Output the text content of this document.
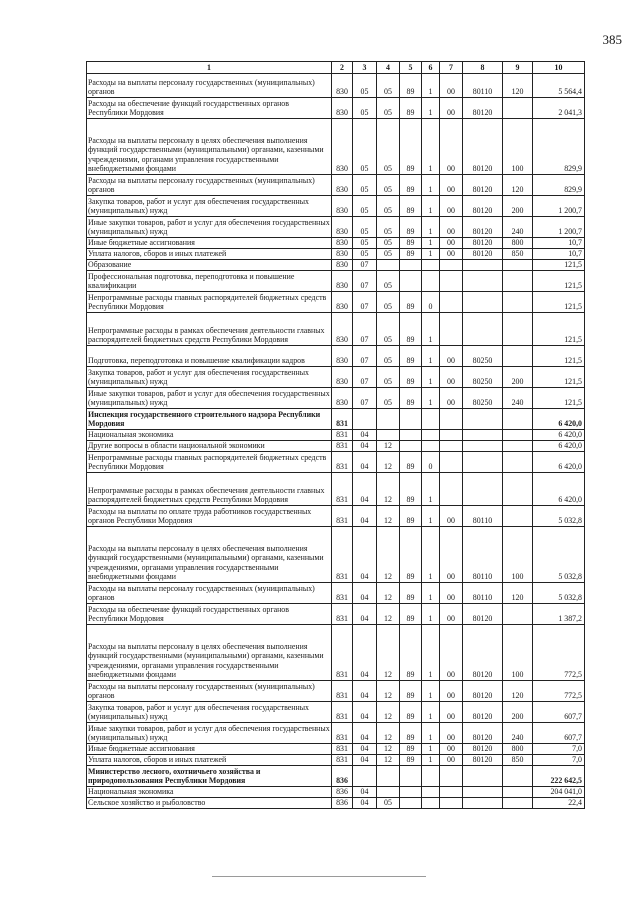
385
1	2	3	4	5	6	7	8	9	10
Расходы на выплаты персоналу государственных (муниципальных) органов	830	05	05	89	1	00	80110	120	5 564,4
Расходы на обеспечение функций государственных органов Республики Мордовия	830	05	05	89	1	00	80120		2 041,3
Расходы на выплаты персоналу в целях обеспечения выполнения функций государственными (муниципальными) органами, казенными учреждениями, органами управления государственными внебюджетными фондами	830	05	05	89	1	00	80120	100	829,9
Расходы на выплаты персоналу государственных (муниципальных) органов	830	05	05	89	1	00	80120	120	829,9
Закупка товаров, работ и услуг для обеспечения государственных (муниципальных) нужд	830	05	05	89	1	00	80120	200	1 200,7
Иные закупки товаров, работ и услуг для обеспечения государственных (муниципальных) нужд	830	05	05	89	1	00	80120	240	1 200,7
Иные бюджетные ассигнования	830	05	05	89	1	00	80120	800	10,7
Уплата налогов, сборов и иных платежей	830	05	05	89	1	00	80120	850	10,7
Образование	830	07							121,5
Профессиональная подготовка, переподготовка и повышение квалификации	830	07	05						121,5
Непрограммные расходы главных распорядителей бюджетных средств Республики Мордовия	830	07	05	89	0				121,5
Непрограммные расходы в рамках обеспечения деятельности главных распорядителей бюджетных средств Республики Мордовия	830	07	05	89	1				121,5
Подготовка, переподготовка и повышение квалификации кадров	830	07	05	89	1	00	80250		121,5
Закупка товаров, работ и услуг для обеспечения государственных (муниципальных) нужд	830	07	05	89	1	00	80250	200	121,5
Иные закупки товаров, работ и услуг для обеспечения государственных (муниципальных) нужд	830	07	05	89	1	00	80250	240	121,5
Инспекция государственного строительного надзора Республики Мордовия	831								6 420,0
Национальная экономика	831	04							6 420,0
Другие вопросы в области национальной экономики	831	04	12						6 420,0
Непрограммные расходы главных распорядителей бюджетных средств Республики Мордовия	831	04	12	89	0				6 420,0
Непрограммные расходы в рамках обеспечения деятельности главных распорядителей бюджетных средств Республики Мордовия	831	04	12	89	1				6 420,0
Расходы на выплаты по оплате труда работников государственных органов Республики Мордовия	831	04	12	89	1	00	80110		5 032,8
Расходы на выплаты персоналу в целях обеспечения выполнения функций государственными (муниципальными) органами, казенными учреждениями, органами управления государственными внебюджетными фондами	831	04	12	89	1	00	80110	100	5 032,8
Расходы на выплаты персоналу государственных (муниципальных) органов	831	04	12	89	1	00	80110	120	5 032,8
Расходы на обеспечение функций государственных органов Республики Мордовия	831	04	12	89	1	00	80120		1 387,2
Расходы на выплаты персоналу в целях обеспечения выполнения функций государственными (муниципальными) органами, казенными учреждениями, органами управления государственными внебюджетными фондами	831	04	12	89	1	00	80120	100	772,5
Расходы на выплаты персоналу государственных (муниципальных) органов	831	04	12	89	1	00	80120	120	772,5
Закупка товаров, работ и услуг для обеспечения государственных (муниципальных) нужд	831	04	12	89	1	00	80120	200	607,7
Иные закупки товаров, работ и услуг для обеспечения государственных (муниципальных) нужд	831	04	12	89	1	00	80120	240	607,7
Иные бюджетные ассигнования	831	04	12	89	1	00	80120	800	7,0
Уплата налогов, сборов и иных платежей	831	04	12	89	1	00	80120	850	7,0
Министерство лесного, охотничьего хозяйства и природопользования Республики Мордовия	836								222 642,5
Национальная экономика	836	04							204 041,0
Сельское хозяйство и рыболовство	836	04	05						22,4
